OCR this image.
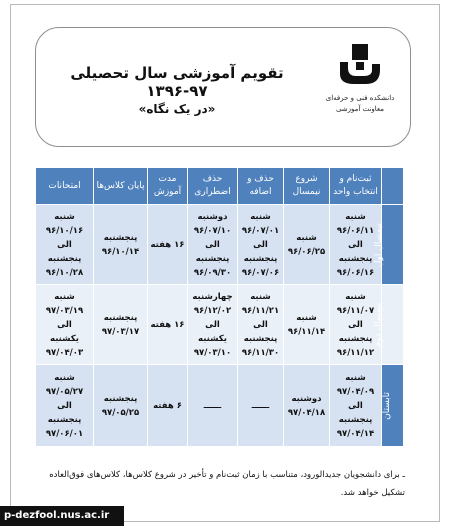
تقویم آموزشی سال تحصیلی ۹۷-۱۳۹۶
«در یک نگاه»
دانشکده فنی و حرفه‌ای
معاونت آموزشی
	ثبت‌نام و انتخاب واحد	شروع نیمسال	حذف و اضافه	حذف اضطراری	مدت آموزش	پایان کلاس‌ها	امتحانات
نیمسال اول	شنبه
۹۶/۰۶/۱۱
الی
پنجشنبه
۹۶/۰۶/۱۶	شنبه
۹۶/۰۶/۲۵	شنبه
۹۶/۰۷/۰۱
الی
پنجشنبه
۹۶/۰۷/۰۶	دوشنبه
۹۶/۰۷/۱۰
الی
پنجشنبه
۹۶/۰۹/۳۰	۱۶ هفته	پنجشنبه
۹۶/۱۰/۱۴	شنبه
۹۶/۱۰/۱۶
الی
پنجشنبه
۹۶/۱۰/۲۸

نیمسال دوم	شنبه
۹۶/۱۱/۰۷
الی
پنجشنبه
۹۶/۱۱/۱۲	شنبه
۹۶/۱۱/۱۴	شنبه
۹۶/۱۱/۲۱
الی
پنجشنبه
۹۶/۱۱/۳۰	چهارشنبه
۹۶/۱۲/۰۲
الی
یکشنبه
۹۷/۰۳/۱۰	۱۶ هفته	پنجشنبه
۹۷/۰۳/۱۷	شنبه
۹۷/۰۳/۱۹
الی
یکشنبه
۹۷/۰۴/۰۳

تابستان	شنبه
۹۷/۰۴/۰۹
الی
پنجشنبه
۹۷/۰۴/۱۴	دوشنبه
۹۷/۰۴/۱۸	ــــــ	ــــــ	۶ هفته	پنجشنبه
۹۷/۰۵/۲۵	شنبه
۹۷/۰۵/۲۷
الی
پنجشنبه
۹۷/۰۶/۰۱
ـ برای دانشجویان جدیدالورود، متناسب با زمان ثبت‌نام و تأخیر در شروع کلاس‌ها، کلاس‌های فوق‌العاده تشکیل خواهد شد.
p-dezfool.nus.ac.ir
